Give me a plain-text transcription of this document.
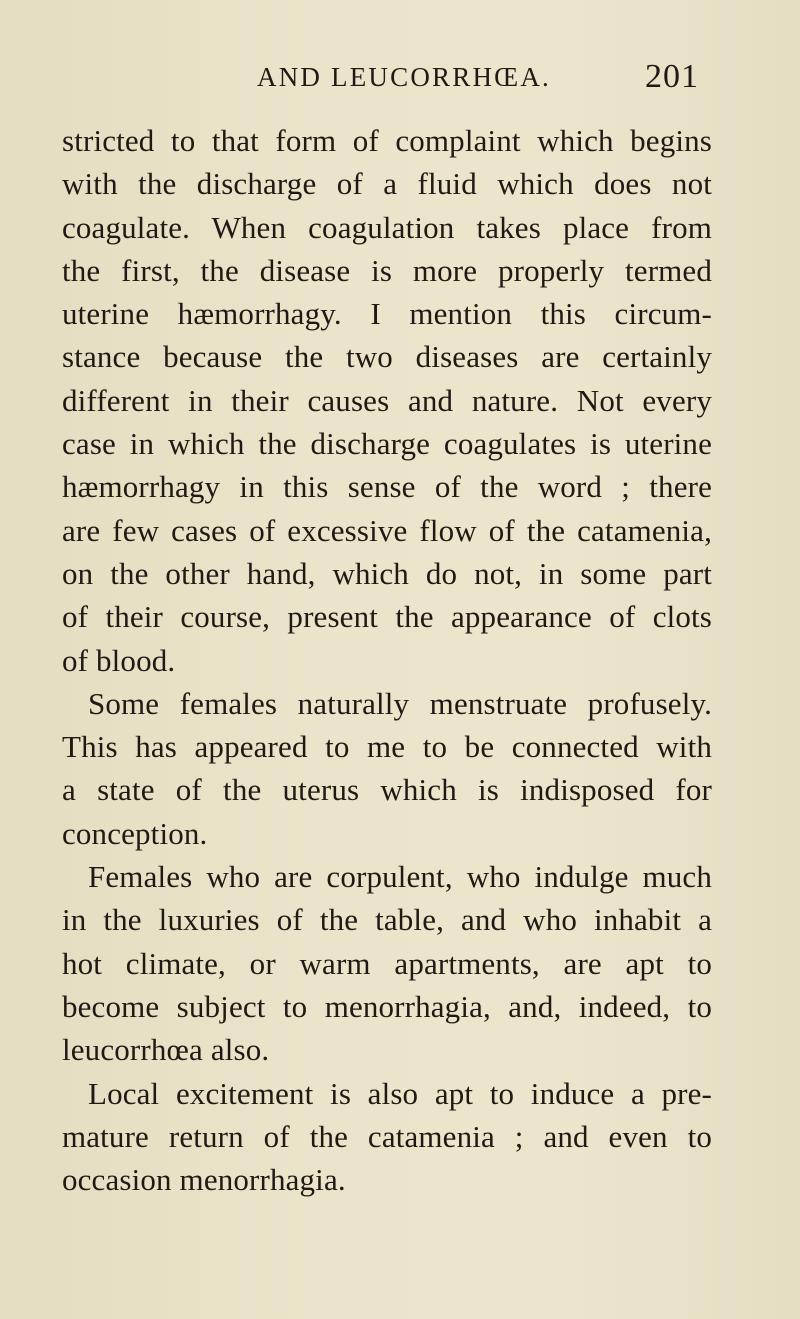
AND LEUCORRHŒA.	201
stricted to that form of complaint which begins
with the discharge of a fluid which does not
coagulate. When coagulation takes place from
the first, the disease is more properly termed
uterine hæmorrhagy. I mention this circum-
stance because the two diseases are certainly
different in their causes and nature. Not every
case in which the discharge coagulates is uterine
hæmorrhagy in this sense of the word ; there
are few cases of excessive flow of the catamenia,
on the other hand, which do not, in some part
of their course, present the appearance of clots
of blood.
Some females naturally menstruate profusely.
This has appeared to me to be connected with
a state of the uterus which is indisposed for
conception.
Females who are corpulent, who indulge much
in the luxuries of the table, and who inhabit a
hot climate, or warm apartments, are apt to
become subject to menorrhagia, and, indeed, to
leucorrhœa also.
Local excitement is also apt to induce a pre-
mature return of the catamenia ; and even to
occasion menorrhagia.
